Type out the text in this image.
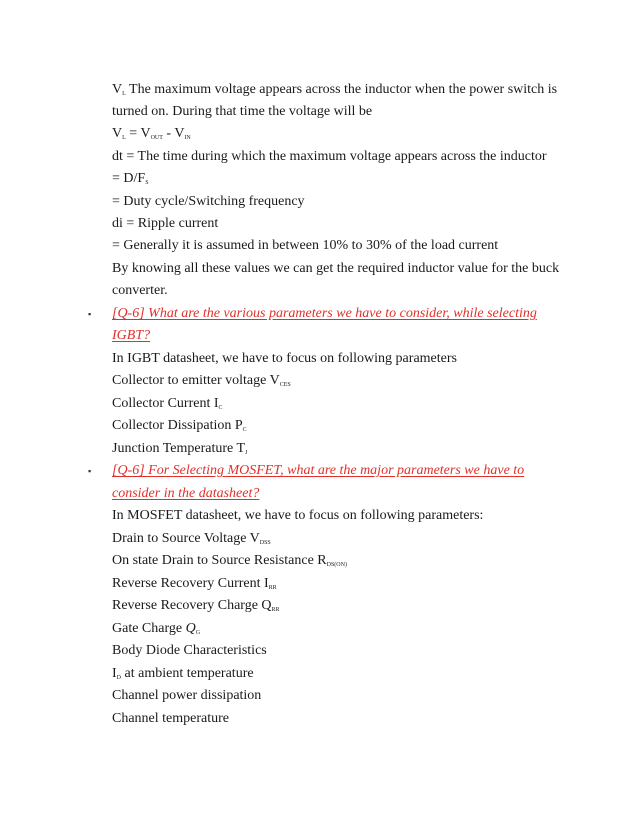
$V_L$ The maximum voltage appears across the inductor when the power switch is
turned on. During that time the voltage will be
$V_L = V_{OUT} - V_{IN}$
dt = The time during which the maximum voltage appears across the inductor
= $D/F_S$
= Duty cycle/Switching frequency
di = Ripple current
= Generally it is assumed in between 10% to 30% of the load current
By knowing all these values we can get the required inductor value for the buck
converter.
▪ [Q-6] What are the various parameters we have to consider, while selecting
IGBT?
In IGBT datasheet, we have to focus on following parameters
Collector to emitter voltage $V_{CES}$
Collector Current $I_C$
Collector Dissipation $P_C$
Junction Temperature $T_J$
▪ [Q-6] For Selecting MOSFET, what are the major parameters we have to
consider in the datasheet?
In MOSFET datasheet, we have to focus on following parameters:
Drain to Source Voltage $V_{DSS}$
On state Drain to Source Resistance $R_{DS(ON)}$
Reverse Recovery Current $I_{RR}$
Reverse Recovery Charge $Q_{RR}$
Gate Charge $Q_G$
Body Diode Characteristics
$I_D$ at ambient temperature
Channel power dissipation
Channel temperature
